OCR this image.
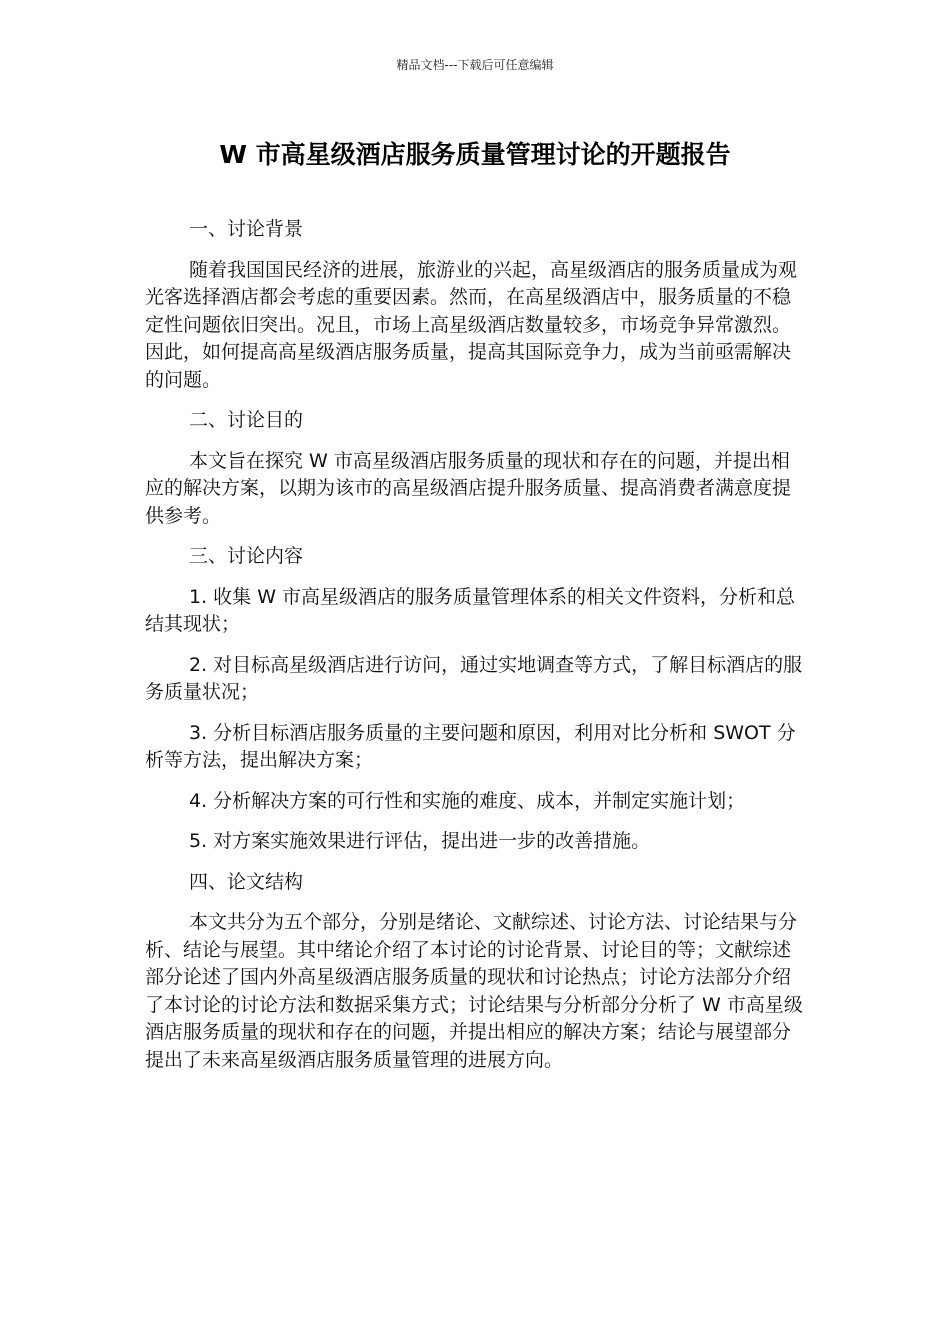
精品文档---下载后可任意编辑
W 市高星级酒店服务质量管理讨论的开题报告
一、讨论背景
随着我国国民经济的进展，旅游业的兴起，高星级酒店的服务质量成为观光客选择酒店都会考虑的重要因素。然而，在高星级酒店中，服务质量的不稳定性问题依旧突出。况且，市场上高星级酒店数量较多，市场竞争异常激烈。因此，如何提高高星级酒店服务质量，提高其国际竞争力，成为当前亟需解决的问题。
二、讨论目的
本文旨在探究 W 市高星级酒店服务质量的现状和存在的问题，并提出相应的解决方案，以期为该市的高星级酒店提升服务质量、提高消费者满意度提供参考。
三、讨论内容
1. 收集 W 市高星级酒店的服务质量管理体系的相关文件资料，分析和总结其现状；
2. 对目标高星级酒店进行访问，通过实地调查等方式，了解目标酒店的服务质量状况；
3. 分析目标酒店服务质量的主要问题和原因，利用对比分析和 SWOT 分析等方法，提出解决方案；
4. 分析解决方案的可行性和实施的难度、成本，并制定实施计划；
5. 对方案实施效果进行评估，提出进一步的改善措施。
四、论文结构
本文共分为五个部分，分别是绪论、文献综述、讨论方法、讨论结果与分析、结论与展望。其中绪论介绍了本讨论的讨论背景、讨论目的等；文献综述部分论述了国内外高星级酒店服务质量的现状和讨论热点；讨论方法部分介绍了本讨论的讨论方法和数据采集方式；讨论结果与分析部分分析了 W 市高星级酒店服务质量的现状和存在的问题，并提出相应的解决方案；结论与展望部分提出了未来高星级酒店服务质量管理的进展方向。
